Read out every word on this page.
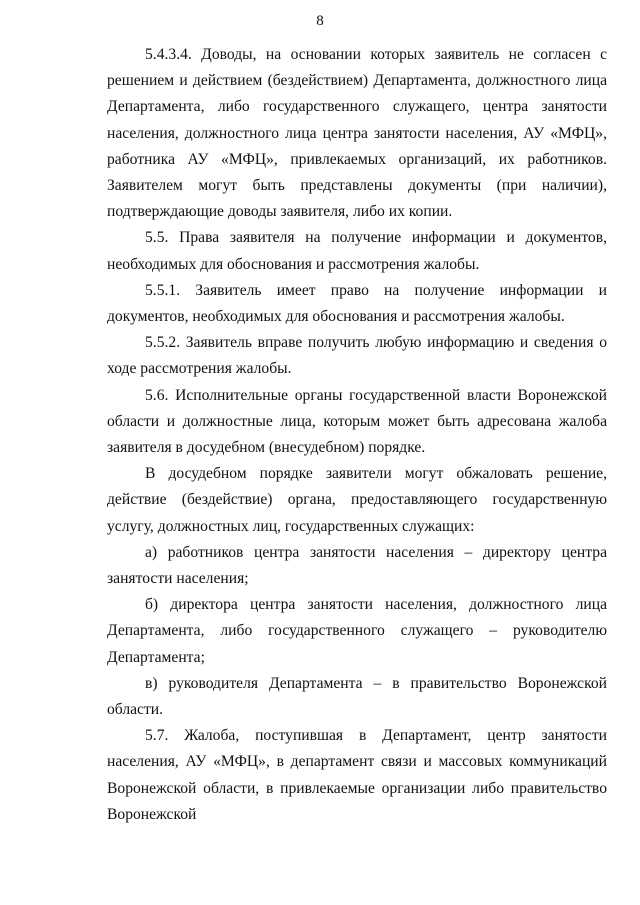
8

5.4.3.4. Доводы, на основании которых заявитель не согласен с решением и действием (бездействием) Департамента, должностного лица Департамента, либо государственного служащего, центра занятости населения, должностного лица центра занятости населения, АУ «МФЦ», работника АУ «МФЦ», привлекаемых организаций, их работников. Заявителем могут быть представлены документы (при наличии), подтверждающие доводы заявителя, либо их копии.

5.5. Права заявителя на получение информации и документов, необходимых для обоснования и рассмотрения жалобы.

5.5.1. Заявитель имеет право на получение информации и документов, необходимых для обоснования и рассмотрения жалобы.

5.5.2. Заявитель вправе получить любую информацию и сведения о ходе рассмотрения жалобы.

5.6. Исполнительные органы государственной власти Воронежской области и должностные лица, которым может быть адресована жалоба заявителя в досудебном (внесудебном) порядке.

В досудебном порядке заявители могут обжаловать решение, действие (бездействие) органа, предоставляющего государственную услугу, должностных лиц, государственных служащих:

а) работников центра занятости населения – директору центра занятости населения;

б) директора центра занятости населения, должностного лица Департамента, либо государственного служащего – руководителю Департамента;

в) руководителя Департамента – в правительство Воронежской области.

5.7. Жалоба, поступившая в Департамент, центр занятости населения, АУ «МФЦ», в департамент связи и массовых коммуникаций Воронежской области, в привлекаемые организации либо правительство Воронежской
